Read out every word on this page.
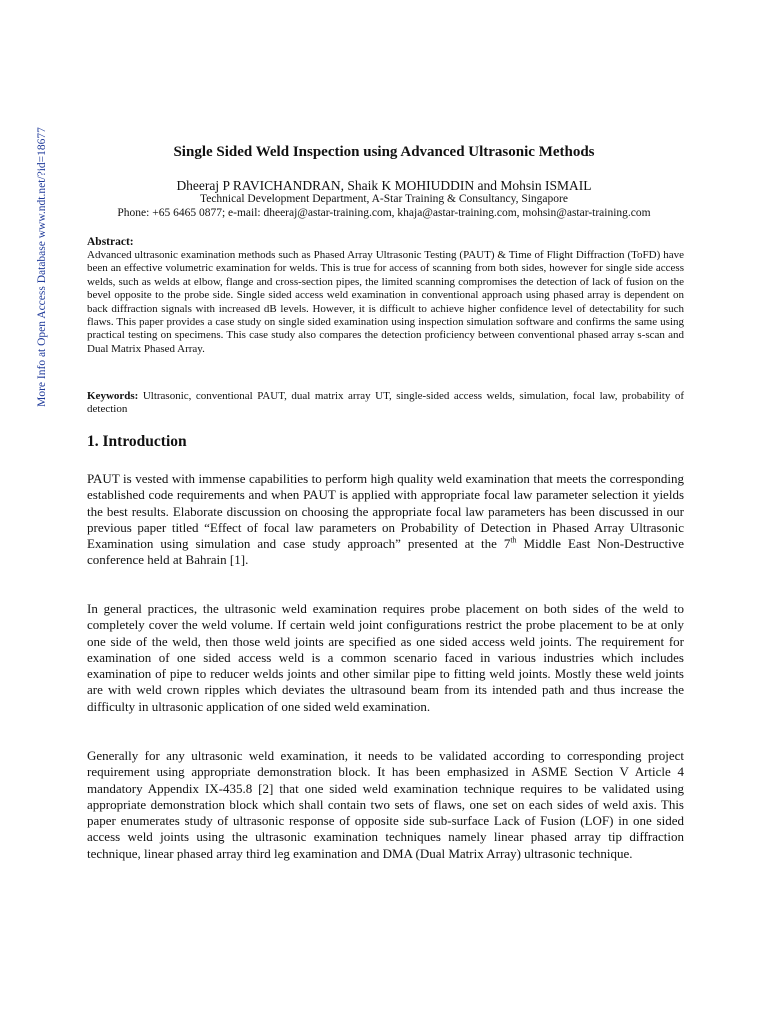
More Info at Open Access Database www.ndt.net/?id=18677	Single Sided Weld Inspection using Advanced Ultrasonic Methods
Dheeraj P RAVICHANDRAN, Shaik K MOHIUDDIN and Mohsin ISMAIL
Technical Development Department, A-Star Training & Consultancy, Singapore
Phone: +65 6465 0877; e-mail: dheeraj@astar-training.com, khaja@astar-training.com, mohsin@astar-training.com
Abstract:

Advanced ultrasonic examination methods such as Phased Array Ultrasonic Testing (PAUT) & Time of Flight Diffraction (ToFD) have been an effective volumetric examination for welds. This is true for access of scanning from both sides, however for single side access welds, such as welds at elbow, flange and cross-section pipes, the limited scanning compromises the detection of lack of fusion on the bevel opposite to the probe side. Single sided access weld examination in conventional approach using phased array is dependent on back diffraction signals with increased dB levels. However, it is difficult to achieve higher confidence level of detectability for such flaws. This paper provides a case study on single sided examination using inspection simulation software and confirms the same using practical testing on specimens. This case study also compares the detection proficiency between conventional phased array s-scan and Dual Matrix Phased Array.

Keywords: Ultrasonic, conventional PAUT, dual matrix array UT, single-sided access welds, simulation, focal law, probability of detection

1. Introduction

PAUT is vested with immense capabilities to perform high quality weld examination that meets the corresponding established code requirements and when PAUT is applied with appropriate focal law parameter selection it yields the best results. Elaborate discussion on choosing the appropriate focal law parameters has been discussed in our previous paper titled “Effect of focal law parameters on Probability of Detection in Phased Array Ultrasonic Examination using simulation and case study approach” presented at the 7th Middle East Non-Destructive conference held at Bahrain [1].

In general practices, the ultrasonic weld examination requires probe placement on both sides of the weld to completely cover the weld volume. If certain weld joint configurations restrict the probe placement to be at only one side of the weld, then those weld joints are specified as one sided access weld joints. The requirement for examination of one sided access weld is a common scenario faced in various industries which includes examination of pipe to reducer welds joints and other similar pipe to fitting weld joints. Mostly these weld joints are with weld crown ripples which deviates the ultrasound beam from its intended path and thus increase the difficulty in ultrasonic application of one sided weld examination.

Generally for any ultrasonic weld examination, it needs to be validated according to corresponding project requirement using appropriate demonstration block. It has been emphasized in ASME Section V Article 4 mandatory Appendix IX-435.8 [2] that one sided weld examination technique requires to be validated using appropriate demonstration block which shall contain two sets of flaws, one set on each sides of weld axis. This paper enumerates study of ultrasonic response of opposite side sub-surface Lack of Fusion (LOF) in one sided access weld joints using the ultrasonic examination techniques namely linear phased array tip diffraction technique, linear phased array third leg examination and DMA (Dual Matrix Array) ultrasonic technique.
